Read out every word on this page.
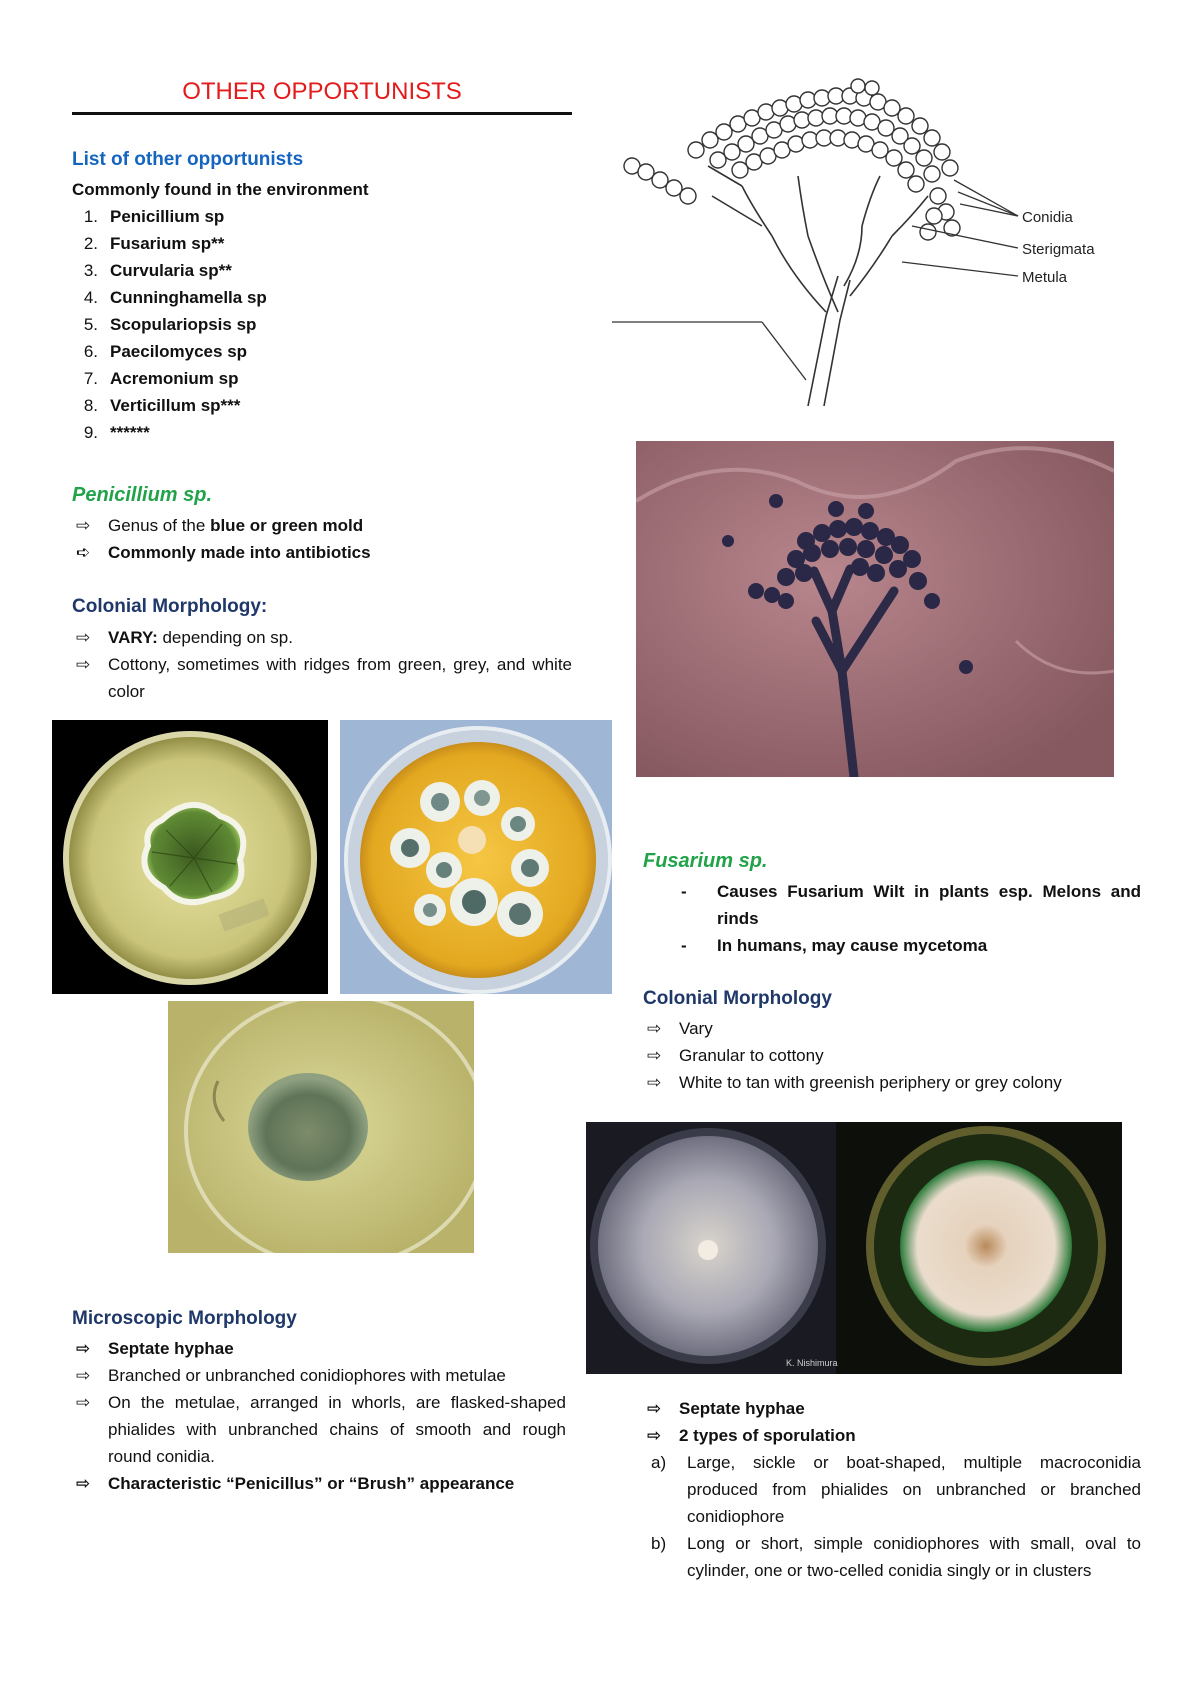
OTHER OPPORTUNISTS
List of other opportunists
Commonly found in the environment
1. Penicillium sp
2. Fusarium sp**
3. Curvularia sp**
4. Cunninghamella sp
5. Scopulariopsis sp
6. Paecilomyces sp
7. Acremonium sp
8. Verticillum sp***
9. ******
Penicillium sp.
⇨ Genus of the blue or green mold
➪ Commonly made into antibiotics
Colonial Morphology:
⇨ VARY: depending on sp.
⇨ Cottony, sometimes with ridges from green, grey, and white color
Microscopic Morphology
⇨ Septate hyphae
⇨ Branched or unbranched conidiophores with metulae
⇨ On the metulae, arranged in whorls, are flasked-shaped phialides with unbranched chains of smooth and rough round conidia.
⇨ Characteristic “Penicillus” or “Brush” appearance
Conidia
Sterigmata
Metula
Fusarium sp.
- Causes Fusarium Wilt in plants esp. Melons and rinds
- In humans, may cause mycetoma
Colonial Morphology
⇨ Vary
⇨ Granular to cottony
⇨ White to tan with greenish periphery or grey colony
K. Nishimura
⇨ Septate hyphae
⇨ 2 types of sporulation
a) Large, sickle or boat-shaped, multiple macroconidia produced from phialides on unbranched or branched conidiophore
b) Long or short, simple conidiophores with small, oval to cylinder, one or two-celled conidia singly or in clusters
